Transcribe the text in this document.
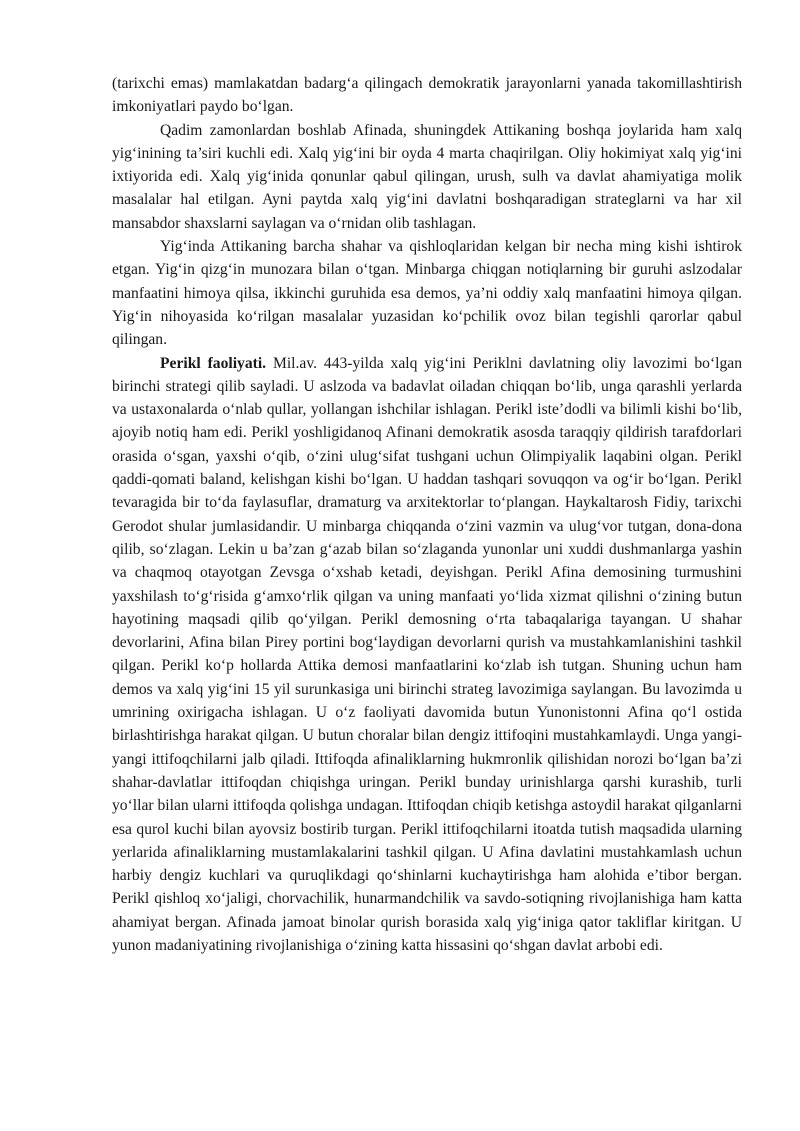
(tarixchi emas) mamlakatdan badarg‘a qilingach demokratik jarayonlarni yanada takomillashtirish imkoniyatlari paydo bo‘lgan.

Qadim zamonlardan boshlab Afinada, shuningdek Attikaning boshqa joylarida ham xalq yig‘inining ta’siri kuchli edi. Xalq yig‘ini bir oyda 4 marta chaqirilgan. Oliy hokimiyat xalq yig‘ini ixtiyorida edi. Xalq yig‘inida qonunlar qabul qilingan, urush, sulh va davlat ahamiyatiga molik masalalar hal etilgan. Ayni paytda xalq yig‘ini davlatni boshqaradigan strateglarni va har xil mansabdor shaxslarni saylagan va o‘rnidan olib tashlagan.

Yig‘inda Attikaning barcha shahar va qishloqlaridan kelgan bir necha ming kishi ishtirok etgan. Yig‘in qizg‘in munozara bilan o‘tgan. Minbarga chiqgan notiqlarning bir guruhi aslzodalar manfaatini himoya qilsa, ikkinchi guruhida esa demos, ya’ni oddiy xalq manfaatini himoya qilgan. Yig‘in nihoyasida ko‘rilgan masalalar yuzasidan ko‘pchilik ovoz bilan tegishli qarorlar qabul qilingan.

Perikl faoliyati. Mil.av. 443-yilda xalq yig‘ini Periklni davlatning oliy lavozimi bo‘lgan birinchi strategi qilib sayladi. U aslzoda va badavlat oiladan chiqqan bo‘lib, unga qarashli yerlarda va ustaxonalarda o‘nlab qullar, yollangan ishchilar ishlagan. Perikl iste’dodli va bilimli kishi bo‘lib, ajoyib notiq ham edi. Perikl yoshligidanoq Afinani demokratik asosda taraqqiy qildirish tarafdorlari orasida o‘sgan, yaxshi o‘qib, o‘zini ulug‘sifat tushgani uchun Olimpiyalik laqabini olgan. Perikl qaddi-qomati baland, kelishgan kishi bo‘lgan. U haddan tashqari sovuqqon va og‘ir bo‘lgan. Perikl tevaragida bir to‘da faylasuflar, dramaturg va arxitektorlar to‘plangan. Haykaltarosh Fidiy, tarixchi Gerodot shular jumlasidandir. U minbarga chiqqanda o‘zini vazmin va ulug‘vor tutgan, dona-dona qilib, so‘zlagan. Lekin u ba’zan g‘azab bilan so‘zlaganda yunonlar uni xuddi dushmanlarga yashin va chaqmoq otayotgan Zevsga o‘xshab ketadi, deyishgan. Perikl Afina demosining turmushini yaxshilash to‘g‘risida g‘amxo‘rlik qilgan va uning manfaati yo‘lida xizmat qilishni o‘zining butun hayotining maqsadi qilib qo‘yilgan. Perikl demosning o‘rta tabaqalariga tayangan. U shahar devorlarini, Afina bilan Pirey portini bog‘laydigan devorlarni qurish va mustahkamlanishini tashkil qilgan. Perikl ko‘p hollarda Attika demosi manfaatlarini ko‘zlab ish tutgan. Shuning uchun ham demos va xalq yig‘ini 15 yil surunkasiga uni birinchi strateg lavozimiga saylangan. Bu lavozimda u umrining oxirigacha ishlagan. U o‘z faoliyati davomida butun Yunonistonni Afina qo‘l ostida birlashtirishga harakat qilgan. U butun choralar bilan dengiz ittifoqini mustahkamlaydi. Unga yangi-yangi ittifoqchilarni jalb qiladi. Ittifoqda afinaliklarning hukmronlik qilishidan norozi bo‘lgan ba’zi shahar-davlatlar ittifoqdan chiqishga uringan. Perikl bunday urinishlarga qarshi kurashib, turli yo‘llar bilan ularni ittifoqda qolishga undagan. Ittifoqdan chiqib ketishga astoydil harakat qilganlarni esa qurol kuchi bilan ayovsiz bostirib turgan. Perikl ittifoqchilarni itoatda tutish maqsadida ularning yerlarida afinaliklarning mustamlakalarini tashkil qilgan. U Afina davlatini mustahkamlash uchun harbiy dengiz kuchlari va quruqlikdagi qo‘shinlarni kuchaytirishga ham alohida e’tibor bergan. Perikl qishloq xo‘jaligi, chorvachilik, hunarmandchilik va savdo-sotiqning rivojlanishiga ham katta ahamiyat bergan. Afinada jamoat binolar qurish borasida xalq yig‘iniga qator takliflar kiritgan. U yunon madaniyatining rivojlanishiga o‘zining katta hissasini qo‘shgan davlat arbobi edi.
